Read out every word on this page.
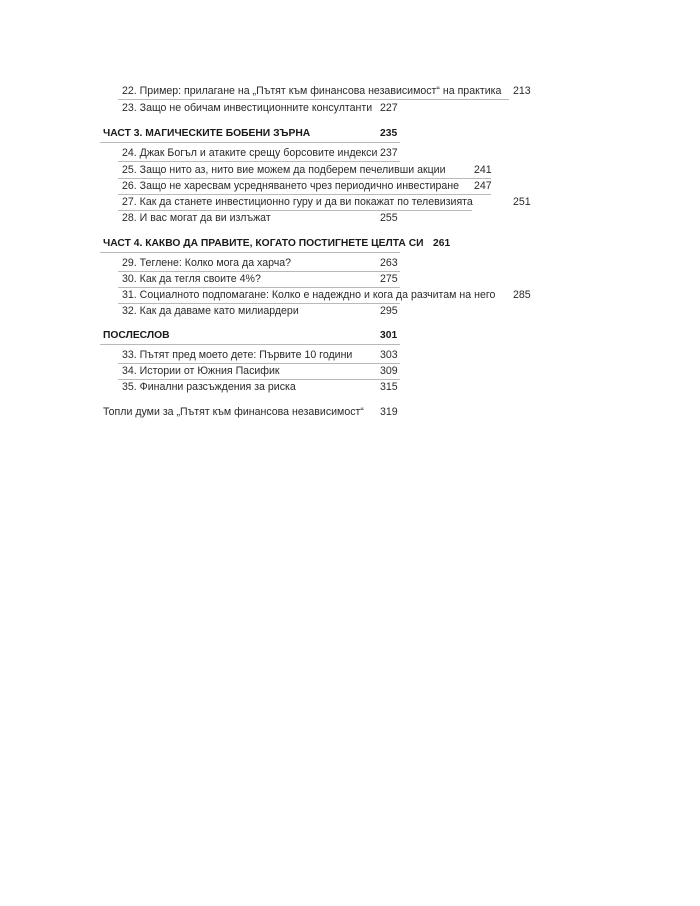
22. Пример: прилагане на „Пътят към финансова независимост“ на практика 213
23. Защо не обичам инвестиционните консултанти 227
ЧАСТ 3. МАГИЧЕСКИТЕ БОБЕНИ ЗЪРНА	235
24. Джак Богъл и атаките срещу борсовите индекси 237
25. Защо нито аз, нито вие можем да подберем печеливши акции	241
26. Защо не харесвам усредняването чрез периодично инвестиране 247
27. Как да станете инвестиционно гуру и да ви покажат по телевизията	251
28. И вас могат да ви излъжат	255
ЧАСТ 4. КАКВО ДА ПРАВИТЕ, КОГАТО ПОСТИГНЕТЕ ЦЕЛТА СИ 261
29. Теглене: Колко мога да харча?	263
30. Как да тегля своите 4%?	275
31. Социалното подпомагане: Колко е надеждно и кога да разчитам на него 285
32. Как да даваме като милиардери	295
ПОСЛЕСЛОВ	301
33. Пътят пред моето дете: Първите 10 години	303
34. Истории от Южния Пасифик	309
35. Финални разсъждения за риска	315
Топли думи за „Пътят към финансова независимост“ 319
